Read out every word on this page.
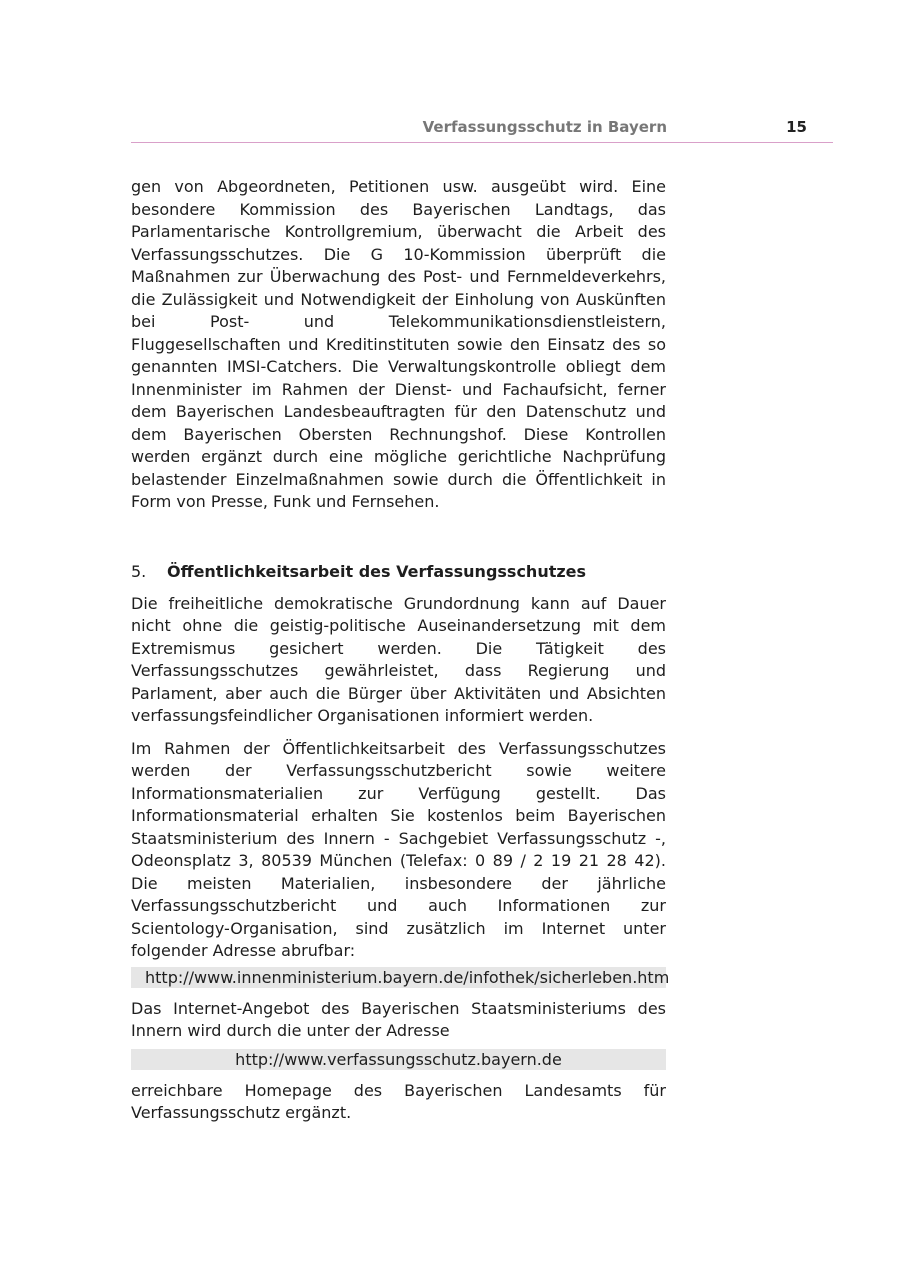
Verfassungsschutz in Bayern	15

gen von Abgeordneten, Petitionen usw. ausgeübt wird. Eine besondere Kommission des Bayerischen Landtags, das Parlamentarische Kontrollgremium, überwacht die Arbeit des Verfassungsschutzes. Die G 10-Kommission überprüft die Maßnahmen zur Überwachung des Post- und Fernmeldeverkehrs, die Zulässigkeit und Notwendigkeit der Einholung von Auskünften bei Post- und Telekommunikationsdienstleistern, Fluggesellschaften und Kreditinstituten sowie den Einsatz des so genannten IMSI-Catchers. Die Verwaltungskontrolle obliegt dem Innenminister im Rahmen der Dienst- und Fachaufsicht, ferner dem Bayerischen Landesbeauftragten für den Datenschutz und dem Bayerischen Obersten Rechnungshof. Diese Kontrollen werden ergänzt durch eine mögliche gerichtliche Nachprüfung belastender Einzelmaßnahmen sowie durch die Öffentlichkeit in Form von Presse, Funk und Fernsehen.

5.	Öffentlichkeitsarbeit des Verfassungsschutzes

Die freiheitliche demokratische Grundordnung kann auf Dauer nicht ohne die geistig-politische Auseinandersetzung mit dem Extremismus gesichert werden. Die Tätigkeit des Verfassungsschutzes gewährleistet, dass Regierung und Parlament, aber auch die Bürger über Aktivitäten und Absichten verfassungsfeindlicher Organisationen informiert werden.

Im Rahmen der Öffentlichkeitsarbeit des Verfassungsschutzes werden der Verfassungsschutzbericht sowie weitere Informationsmaterialien zur Verfügung gestellt. Das Informationsmaterial erhalten Sie kostenlos beim Bayerischen Staatsministerium des Innern - Sachgebiet Verfassungsschutz -, Odeonsplatz 3, 80539 München (Telefax: 0 89 / 2 19 21 28 42). Die meisten Materialien, insbesondere der jährliche Verfassungsschutzbericht und auch Informationen zur Scientology-Organisation, sind zusätzlich im Internet unter folgender Adresse abrufbar:

http://www.innenministerium.bayern.de/infothek/sicherleben.htm

Das Internet-Angebot des Bayerischen Staatsministeriums des Innern wird durch die unter der Adresse

http://www.verfassungsschutz.bayern.de

erreichbare Homepage des Bayerischen Landesamts für Verfassungsschutz ergänzt.
